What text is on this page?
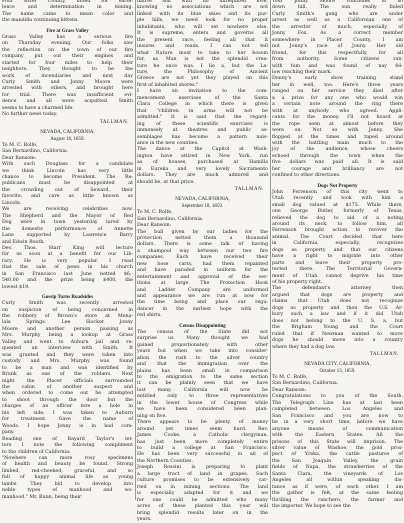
Four River County, noted for excel-
lence and determination in mining.
The name came to mean color and
the mandilla continuing kittens.

Fire at Grass Valley

Grass Valley has a serious fire
on Thursday evening. Our folks saw
the reflection on the town of our fire
company put out their engines and
started for four miles to help their
neighbors. They thought to be the
work of incendiaries and next day
Curly Smith and Jonny Moore were
arrested with others, and brought here
for trial. There was insufficient evi-
dence and all were acquitted. Smith
seems to have a charmed life.

No further news today.

TALLMAN.
NEVADA, CALIFORNIA,
August 18, 1859.
To M. C. Rolfe,
San Bernardino, California.
Dear Ransom:

With such Douglass for a candidate
we think Lincoln has very little
chance to become President. The Re-
publicans must be disappointed at
the crowding out of Seward, their
favorite, and care as little known as
Lincoln.

We are receiving celebrities now.
The Shepherd and the Mayor of Red
Dog were in town yesterday lured by
the domestic performance of Annette
Lane supported by Lawrence Barry
and Edwin Booth.

Dev. Thos. Starr King will lecture
for us soon at a benefit for our Lib-
rary. He is very popular. I read
that the sale of pews in his church
in San Francisco last June netted $6,-
540.00 and the prize being $400, the
lowest $19.

Gossip Turns Roadsides

Curly Smith was recently arrested
on suspicion of being concerned in
the robbery of Brown's store at Mena-
lala Springs. Lee Slocker Jonny
Moore and another person passing as
Mrs. Murphy being a lookup at Grass
Valley and went to Auburn jail and re-
quested an interview with Smith. It
was granted and they were taken into
custody and Mrs. Murphy was found
to be a man and was identified by
Brunk as one of the robbers. Next
night the Placer officials surrounded
the cabin of another suspect and
when ordered to come out he attempted
to shoot through the door but the
charges of an officer tore a hole in
his left side. I was taken to Auburn
for treatment. Gave the name of
Woods. I hope Jonny is in bad com-
pany.

Reading one of Bayard Taylor's let-
ters I note the following compliment
to the children of California:

"Nowhere can more rosy specimens
of health and beauty be found. Strong
limbed, red-cheeked, graceful, and so
full of happy animal life as young
lambs. They bid to develop into
noble types of manhood and wo-
manhood." Mr. Bunn, being their

native soil with no unrequited love,
knowing no associations which are not
linked with its blue skies and its pur-
ple hills, we need look for no proper
inhabitants, who will set nowhere else.
It is supreme, enters and governs all
the present race, feeling all that it
insures and reads. I can not tell
what Nature must to take to her bosom
for, as Man is not the splendid crea-
ture he once was. I lie a, but the La-
ture, the Philosophy of Ancient
Greece are not yet they played on this
first of inhabited shores."

I have an invitation to the com-
mencement exercises of the Santa
Clara College in which there is given
that "children in arms will not be
admitted." It is said that the regard-
ing of these scientific exercises is
immensely at theatres and public as-
semblages has become a pattern nuis-
ance in the new counties.

The dance at the Capitol at Wash-
ington have attired in New York, run
as of houses, purchased at Hamilla
in Eureka and very lovely Sacramento
dollars. They are much admired and
should be, at that price.

TALLMAN.
NEVADA, CALIFORNIA,
September 18, 1859.
To M. C. Rolfe,
San Bernardino, California.
Dear Ransom:

The bull given by our ladies for the
protection netted them a thousand
dollars. There is some talk of having
a shampool way between our two fire
companies. Each have received their
new hose carts, had them repainted
and have paraded in uniform for the
entertainment and approval of the ver-
itions at large. The Protection Hook
and Ladder Company are uniformed
and appearance we are run at now for
the time being and place our regu-
dancer in the earliest hope with the
red shirts.

Census Disappointing

The census of the State did not
surprise us. Many thought we had
gained proportionately with other
years but when we take into consider-
ation the rush to the silver country
and that the immigration over the
plains has been small in comparison
to the emigration to the same section
it can be plainly seen that we have
lost many. California will now be
entitled only to three representatives
in the lower house of Congress while
we have been considered been plan-
ning on five.

There appears to be plenty of money
around yet times seem hard. Rev.
James Cooke, a Catholic clergyman,
has just been more completely entire
to build a college at San Francisco.
He has been very successful in all of
the Northern Counties.

Joseph Rossini is preparing to plant
a large tract of land in grapes. Such
culture promises to be extensively car-
ried on in mining sections. The land
is especially adapted for it and we
for one could be admitted who many
acres of these planted this year will
bring splendid results later on in the
years.

Your Jonny Moore continues to so
down hill. The sun really failed
Curly Smith's gang who are under
arrest as well as a Californian one of
the arrestor of much, especially of
Jonny Fox. As a correct member
somewhere in Placer County, I am
not Jonny's race of Jonny. Her old
friend, for this respectfully, for all
from authority. Some citizens ran-
with him and was found of nay fel-
low reaching their mark.

Donny's early show training stand
her in well, too. Here's three years
ranged on her service they died after
a a prize for any one who would win
a certain note around the ring there
with at anybody who agreed. Appli-
cants for the money. I'll not hoard at
the rope seen at almost before they
were on. Not so with Jonny. She
flopped at the times and taped around
with the battling main much to the
joy of the audience, whose cheers
echoed through the town when the
five dollars was paid all. It is said
her courage and brilliancy are not
confined to other directions.

Dogs Not Property

John Ferrenson of this city went to
Utah recently and took with him a
small dog valued at $175. While there,
one George Butler, formerly of Texas,
relieved the dog to aid of a noting
around its neck, to follow him, all
Ferrenson brought action to recover the
animal. The Court decided that here
in California, especially, recognizes
dogs as property and that our citizens
have a right to migrate into other
parts and leave their property pro-
tected there. The Territorial Govern-
ment of Utah cannot deprive his time
of his property right.

The defendant's attorney then
argued that dogs are property and
claims that Utah does not recognize
dogs as property and then the U.S. Ar-
bury such a law and if it did Utah
does not belong to the U. S. a, but
the Brigham Young and the Court
ruled that if Newman wanted to move
dogs he should move into a country
where they had a dog law.

TALLMAN.
NEVADA CITY, CALIFORNIA,
October 13, 1859.
To M. C. Rolfe,
San Bernardino, California.
Dear Ransom:

Congratulations to you of the South.
The Telegraph Line has at last been
completed between Los Angeles and
San Francisco and you are now to
be in a very short time, before we have
anyone means of communication
with the Eastern States. All the
prisons of this State will imprison. The
silver value of Washoe, the gold pros-
pect of Yreka, the cattle pastures of
the San Joaquin Valley, the grain
fields of Napa, the strawberries of the
Santa Clara, the vineyards of Los
Angeles all within speaking dis-
tance as if were, of each other. I am
the gather is felt, at the same feeling
thrilling the ranchero, the farmer and
the importer. We hope to see the
